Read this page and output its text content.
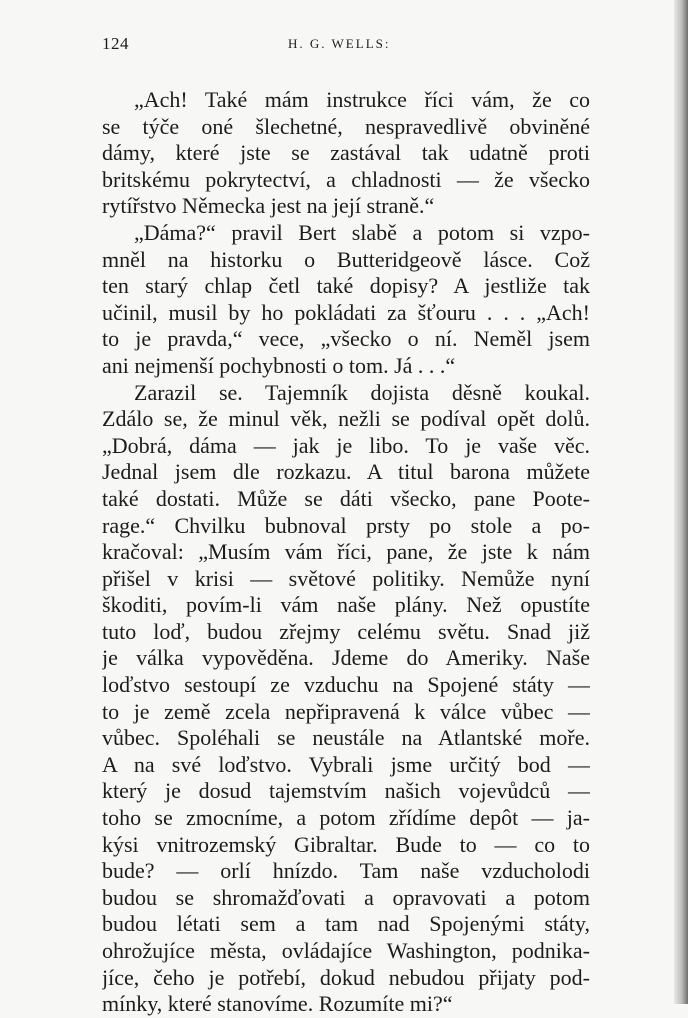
124	H. G. WELLS:
„Ach! Také mám instrukce říci vám, že co
se týče oné šlechetné, nespravedlivě obviněné
dámy, které jste se zastával tak udatně proti
britskému pokrytectví, a chladnosti — že všecko
rytířstvo Německa jest na její straně.“
„Dáma?“ pravil Bert slabě a potom si vzpo-
mněl na historku o Butteridgeově lásce. Což
ten starý chlap četl také dopisy? A jestliže tak
učinil, musil by ho pokládati za šťouru . . . „Ach!
to je pravda,“ vece, „všecko o ní. Neměl jsem
ani nejmenší pochybnosti o tom. Já . . .“
Zarazil se. Tajemník dojista děsně koukal.
Zdálo se, že minul věk, nežli se podíval opět dolů.
„Dobrá, dáma — jak je libo. To je vaše věc.
Jednal jsem dle rozkazu. A titul barona můžete
také dostati. Může se dáti všecko, pane Poote-
rage.“ Chvilku bubnoval prsty po stole a po-
kračoval: „Musím vám říci, pane, že jste k nám
přišel v krisi — světové politiky. Nemůže nyní
škoditi, povím-li vám naše plány. Než opustíte
tuto loď, budou zřejmy celému světu. Snad již
je válka vypověděna. Jdeme do Ameriky. Naše
loďstvo sestoupí ze vzduchu na Spojené státy —
to je země zcela nepřipravená k válce vůbec —
vůbec. Spoléhali se neustále na Atlantské moře.
A na své loďstvo. Vybrali jsme určitý bod —
který je dosud tajemstvím našich vojevůdců —
toho se zmocníme, a potom zřídíme depôt — ja-
kýsi vnitrozemský Gibraltar. Bude to — co to
bude? — orlí hnízdo. Tam naše vzducholodi
budou se shromažďovati a opravovati a potom
budou létati sem a tam nad Spojenými státy,
ohrožujíce města, ovládajíce Washington, podnika-
jíce, čeho je potřebí, dokud nebudou přijaty pod-
mínky, které stanovíme. Rozumíte mi?“
